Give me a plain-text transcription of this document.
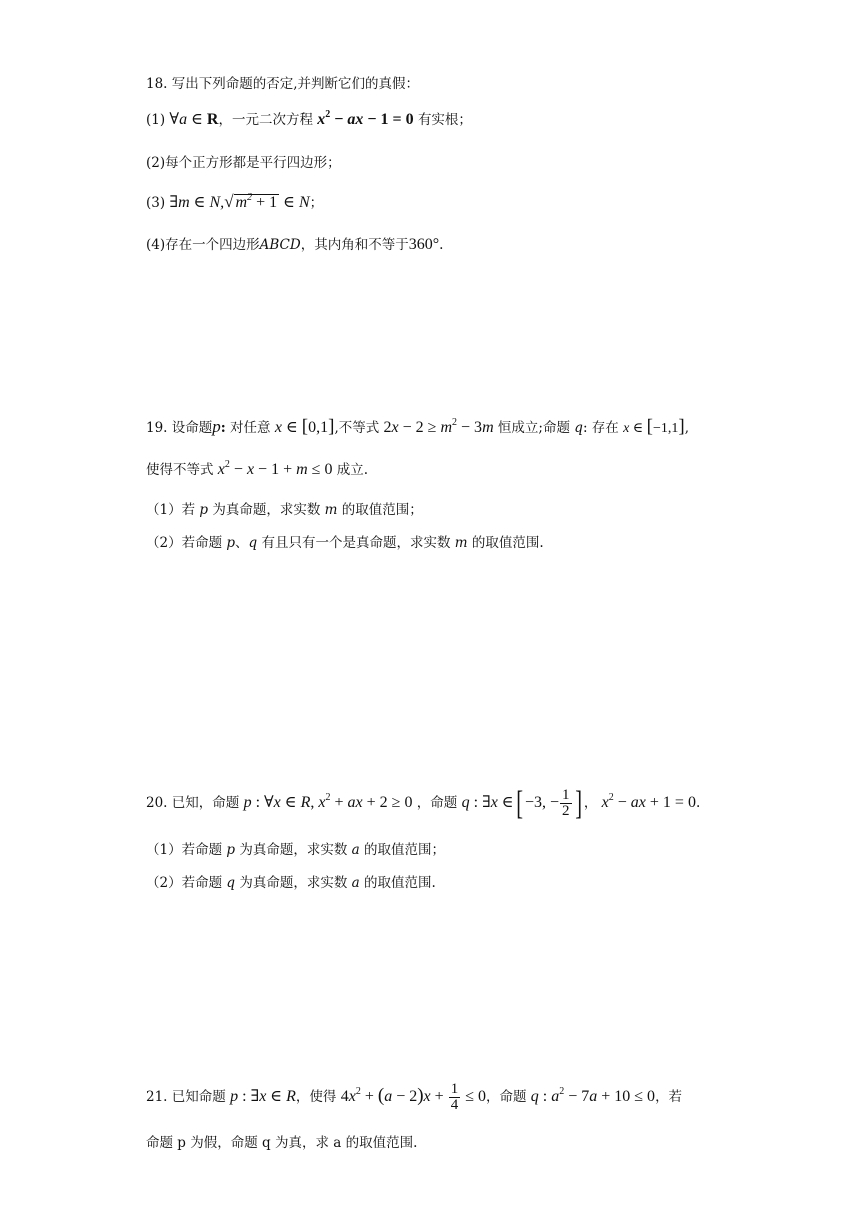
18. 写出下列命题的否定,并判断它们的真假：
(1) ∀a ∈ R，一元二次方程 $x^2$ − ax − 1 = 0 有实根；
(2)每个正方形都是平行四边形；
(3) ∃m ∈ N,√ $m^2 + 1$ ∈ N；
(4)存在一个四边形ABCD，其内角和不等于360°.
19. 设命题p: 对任意 x ∈ [0,1],不等式 $2x - 2 \ge m^2 - 3m$ 恒成立;命题 q: 存在 x ∈ [−1,1],
使得不等式 $x^2 - x - 1 + m \le 0$ 成立.
（1）若 p 为真命题，求实数 m 的取值范围；
（2）若命题 p、q 有且只有一个是真命题，求实数 m 的取值范围.
20. 已知，命题 p : ∀x ∈ R, $x^2$ + ax + 2 ≥ 0 ，命题 q : ∃x ∈[ −3, − $\frac{1}{2}$ ] ， $x^2$ − ax + 1 = 0.
（1）若命题 p 为真命题，求实数 a 的取值范围；
（2）若命题 q 为真命题，求实数 a 的取值范围.
21. 已知命题 p : ∃x ∈ R，使得 $4x^2 + (a - 2)x + \frac{1}{4} \le 0$，命题 q : $a^2 - 7a + 10 \le 0$，若
命题 p 为假，命题 q 为真，求 a 的取值范围.
